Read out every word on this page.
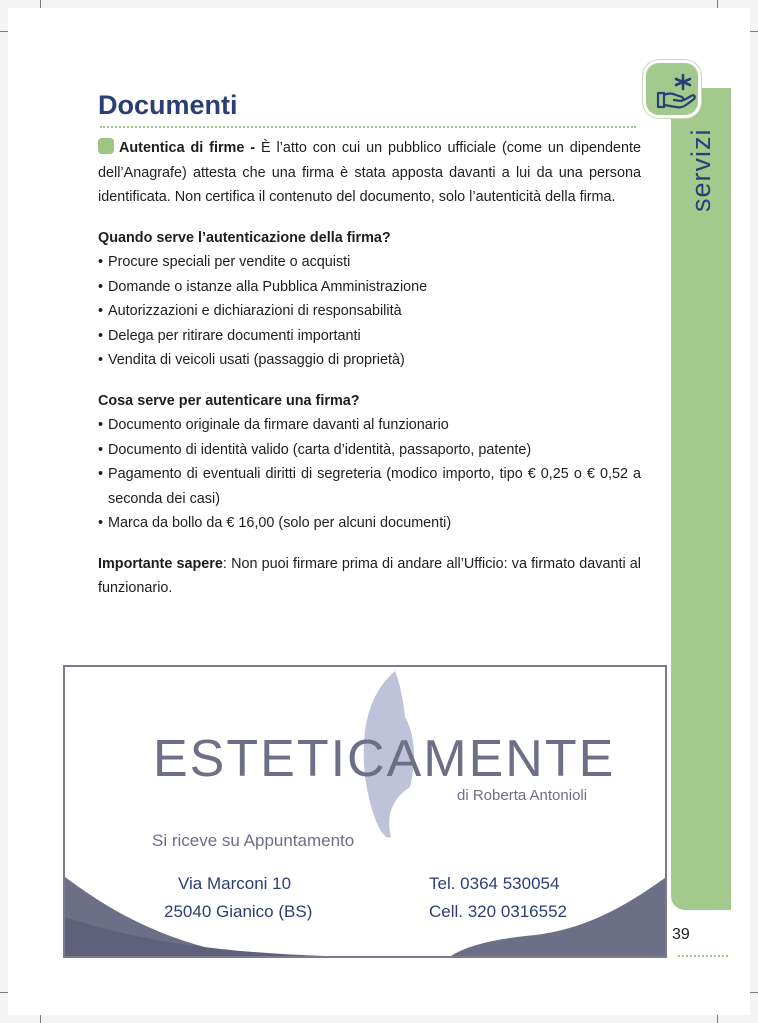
servizi
Documenti

Autentica di firme - È l’atto con cui un pubblico ufficiale (come un dipendente dell’Anagrafe) attesta che una firma è stata apposta davanti a lui da una persona identificata. Non certifica il contenuto del documento, solo l’autenticità della firma.

Quando serve l’autenticazione della firma?
• Procure speciali per vendite o acquisti
• Domande o istanze alla Pubblica Amministrazione
• Autorizzazioni e dichiarazioni di responsabilità
• Delega per ritirare documenti importanti
• Vendita di veicoli usati (passaggio di proprietà)
Cosa serve per autenticare una firma?
• Documento originale da firmare davanti al funzionario
• Documento di identità valido (carta d’identità, passaporto, patente)
• Pagamento di eventuali diritti di segreteria (modico importo, tipo € 0,25 o € 0,52 a seconda dei casi)
• Marca da bollo da € 16,00 (solo per alcuni documenti)

Importante sapere: Non puoi firmare prima di andare all’Ufficio: va firmato davanti al funzionario.

ESTETICAMENTE
di Roberta Antonioli
Si riceve su Appuntamento
Via Marconi 10
25040 Gianico (BS)
Tel. 0364 530054
Cell. 320 0316552
39
